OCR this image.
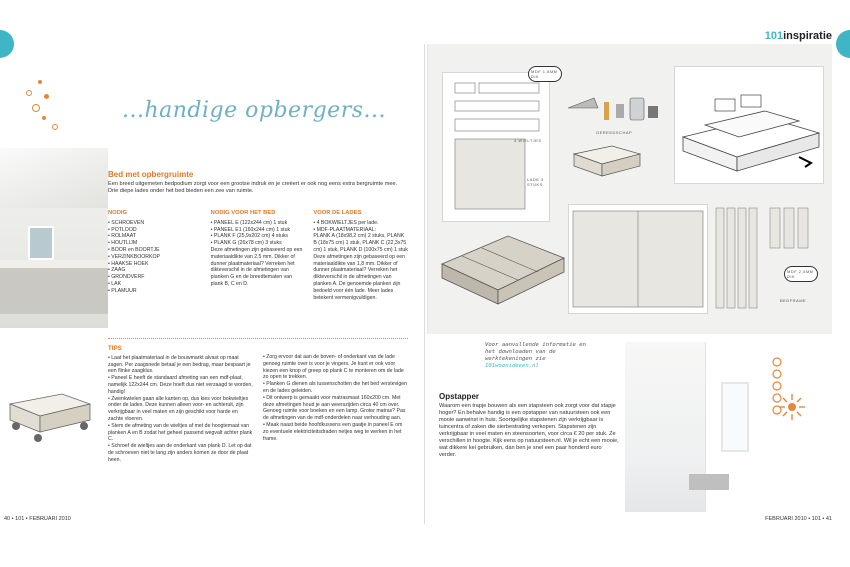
101inspiratie
...handige opbergers...
Bed met opbergruimte

Een breed uitgemeten bedpodium zorgt voor een grootse indruk en je creëert er ook nog eens extra bergruimte mee. Drie diepe lades onder het bed bieden een zee van ruimte.

NODIG
• SCHROEVEN
• POTLOOD
• ROLMAAT
• HOUTLIJM
• BOOR en BOORTJE
• VERZINKBOORKOP
• HAAKSE HOEK
• ZAAG
• GRONDVERF
• LAK
• PLAMUUR
NODIG VOOR HET BED
• PANEEL E (122x244 cm) 1 stuk
• PANEEL E1 (160x244 cm) 1 stuk
• PLANK F (25,9x202 cm) 4 stuks
• PLANK G (26x78 cm) 3 stuks
Deze afmetingen zijn gebaseerd op een materiaaldikte van 2,5 mm. Dikker of dunner plaatmateriaal? Verreken het dikteverschil in de afmetingen van planken G en de breedtematen van plank B, C en D.
VOOR DE LADES
• 4 BOKWIELTJES per lade.
• MDF-PLAATMATERIAAL:
PLANK A (18x98,2 cm) 2 stuks, PLANK B (18x75 cm) 1 stuk, PLANK C (22,3x75 cm) 1 stuk, PLANK D (100x75 cm) 1 stuk
Deze afmetingen zijn gebaseerd op een materiaaldikte van 1,8 mm. Dikker of dunner plaatmateriaal? Verreken het dikteverschil in de afmetingen van planken A. De genoemde planken zijn bedoeld voor één lade. Meer lades betekent vermenigvuldigen.
TIPS
• Laat het plaatmateriaal in de bouwmarkt alvast op maat zagen. Per zaagsnede betaal je een bedrag, maar bespaart je een flinke zaagklus.
• Paneel E heeft de standaard afmeting van een mdf-plaat, namelijk 122x244 cm. Deze hoeft dus niet verzaagd te worden, handig!
• Zwenkwielen gaan alle kanten op, dus kies voor bokwieltjes onder de lades. Deze kunnen alleen voor- en achteruit, zijn verkrijgbaar in veel maten en zijn geschikt voor harde en zachte vloeren.
• Stem de afmeting van de wieltjes af met de hoogtemaat van planken A en B zodat het geheel passend wegvalt achter plank C.
• Schroef de wieltjes aan de onderkant van plank D. Let op dat de schroeven niet te lang zijn anders komen ze door de plaat heen.
• Zorg ervoor dat aan de boven- of onderkant van de lade genoeg ruimte over is voor je vingers. Je kunt er ook voor kiezen een knop of greep op plank C te monteren om de lade zo open te trekken.
• Planken G dienen als tussenschotten die het bed verstevigen en de lades geleiden.
• Dit ontwerp is gemaakt voor matrasmaat 160x200 cm. Met deze afmetingen houd je aan weerszijden circa 40 cm over. Genoeg ruimte voor boeken en een lamp. Groter matras? Pas de afmetingen van de mdf-onderdelen naar verhouding aan.
• Maak naast beide hoofdkussens een gaatje in paneel E om zo eventuele elektriciteitsdraden netjes weg te werken in het frame.
40 • 101 • FEBRUARI 2010
LADE 3 STUKS
MDF 1,8MM DIK
4 WIELTJES
GEREEDSCHAP
MDF 2,5MM DIK
BEDFRAME
Voor aanvullende informatie en het downloaden van de werktekeningen zie 101woonideeen.nl
Opstapper

Waarom een trapje bouwen als een stapsteen ook zorgt voor dat stapje hoger? En behalve handig is een opstapper van natuursteen ook een mooie aanwinst in huis. Soortgelijke stapstenen zijn verkrijgbaar is tuincentra of zaken die sierbestrating verkopen. Stapstenen zijn verkrijgbaar in veel maten en steensoorten, voor circa € 20 per stuk. Ze verschillen in hoogte. Kijk eens op natuursteen.nl. Wil je echt een mooie, wat dikkere kei gebruiken, dan ben je snel een paar honderd euro verder.

FEBRUARI 2010 • 101 • 41
